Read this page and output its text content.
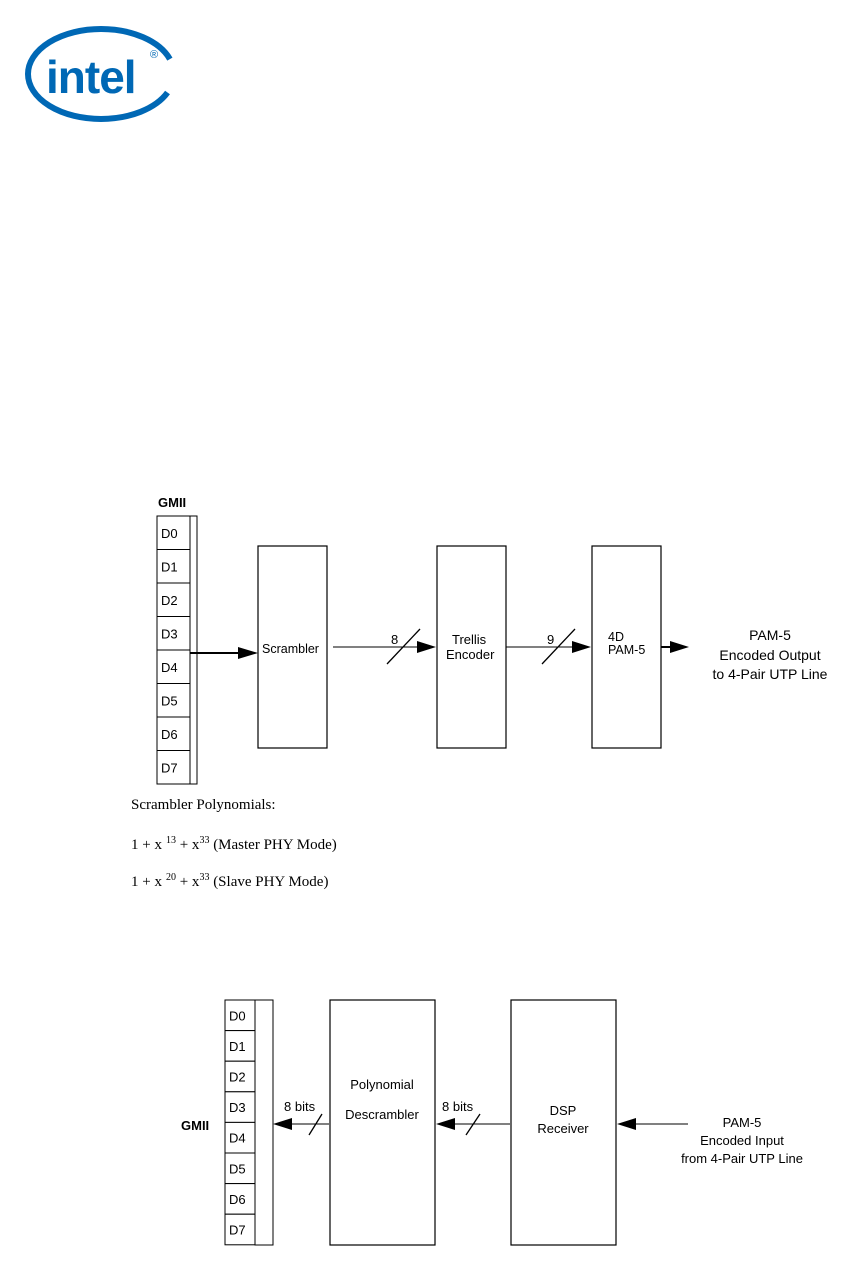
intel ®
GMII
D0
D1
D2
D3
D4
D5
D6
D7
Scrambler
8	Trellis
Encoder
9	4D
PAM-5
PAM-5
Encoded Output
to 4-Pair UTP Line
Scrambler Polynomials:
1 + x $^{13} + x^{33}$ (Master PHY Mode)
1 + x $^{20} + x^{33}$ (Slave PHY Mode)
D0
D1
D2
D3
D4
D5
D6
D7
GMII
8 bits
Polynomial
Descrambler
8 bits	DSP
Receiver	PAM-5
Encoded Input
from 4-Pair UTP Line
